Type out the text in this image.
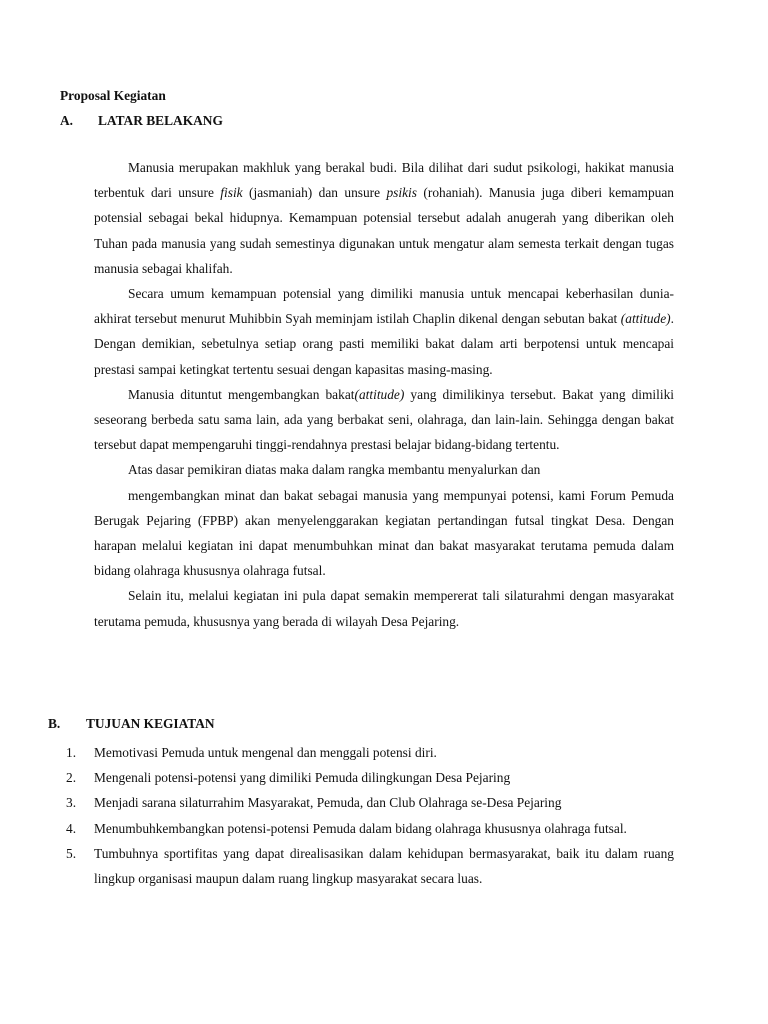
Proposal Kegiatan

A. LATAR BELAKANG

Manusia merupakan makhluk yang berakal budi. Bila dilihat dari sudut psikologi, hakikat manusia terbentuk dari unsure fisik (jasmaniah) dan unsure psikis (rohaniah). Manusia juga diberi kemampuan potensial sebagai bekal hidupnya. Kemampuan potensial tersebut adalah anugerah yang diberikan oleh Tuhan pada manusia yang sudah semestinya digunakan untuk mengatur alam semesta terkait dengan tugas manusia sebagai khalifah.

Secara umum kemampuan potensial yang dimiliki manusia untuk mencapai keberhasilan dunia-akhirat tersebut menurut Muhibbin Syah meminjam istilah Chaplin dikenal dengan sebutan bakat (attitude). Dengan demikian, sebetulnya setiap orang pasti memiliki bakat dalam arti berpotensi untuk mencapai prestasi sampai ketingkat tertentu sesuai dengan kapasitas masing-masing.

Manusia dituntut mengembangkan bakat(attitude) yang dimilikinya tersebut. Bakat yang dimiliki seseorang berbeda satu sama lain, ada yang berbakat seni, olahraga, dan lain-lain. Sehingga dengan bakat tersebut dapat mempengaruhi tinggi-rendahnya prestasi belajar bidang-bidang tertentu.

Atas dasar pemikiran diatas maka dalam rangka membantu menyalurkan dan

mengembangkan minat dan bakat sebagai manusia yang mempunyai potensi, kami Forum Pemuda Berugak Pejaring (FPBP) akan menyelenggarakan kegiatan pertandingan futsal tingkat Desa. Dengan harapan melalui kegiatan ini dapat menumbuhkan minat dan bakat masyarakat terutama pemuda dalam bidang olahraga khususnya olahraga futsal.

Selain itu, melalui kegiatan ini pula dapat semakin mempererat tali silaturahmi dengan masyarakat terutama pemuda, khususnya yang berada di wilayah Desa Pejaring.

B. TUJUAN KEGIATAN

1. Memotivasi Pemuda untuk mengenal dan menggali potensi diri.
2. Mengenali potensi-potensi yang dimiliki Pemuda dilingkungan Desa Pejaring
3. Menjadi sarana silaturrahim Masyarakat, Pemuda, dan Club Olahraga se-Desa Pejaring
4. Menumbuhkembangkan potensi-potensi Pemuda dalam bidang olahraga khususnya olahraga futsal.
5. Tumbuhnya sportifitas yang dapat direalisasikan dalam kehidupan bermasyarakat, baik itu dalam ruang lingkup organisasi maupun dalam ruang lingkup masyarakat secara luas.
